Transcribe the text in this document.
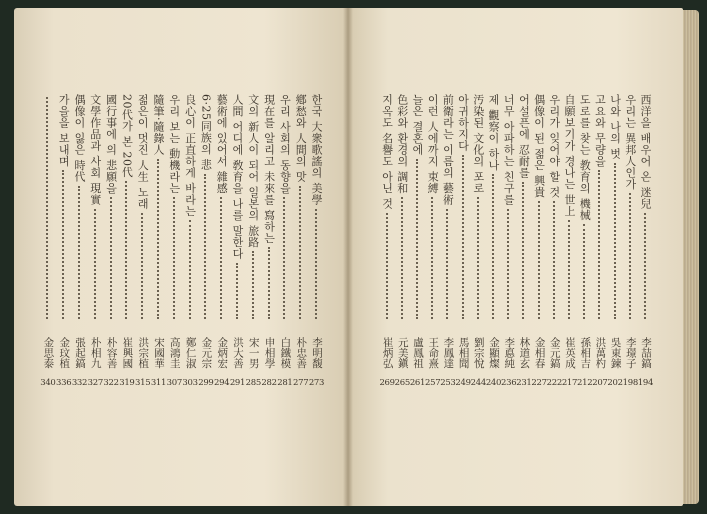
한국 大衆歌謠의 美學
李明馥
273
鄕愁와 人間의 맛
朴忠善
277
우리 사회의 동향을
白鐵模
281
現在를 알리고 未來를 寫하는
申相學
282
文의 新人이 되어 일본의 旅路
宋一男
285
人間 어디에 敎育을 나를 말한다
洪大善
291
藝術에 있어서 雜感
金炳宏
294
6·25同族의 悲
金元宗
299
良心이 正直하게 바라는
鄭仁淑
303
우리 보는 動機라는
高鴻圭
307
隨筆·隨錄人
宋國華
311
젊은이 멋진 人生 노래
洪宗植
315
20代가 본 20代
崔興國
319
國行事에 의 悲願을
朴容善
322
文學作品과 사회 現實
朴相九
327
偶像이 잃은 時代
張起鎬
332
가을을 보내며
金玟植
336
金思泰
340
西洋을 배우어 온 迷兒
李喆鎬
194
우리는 異邦人인가
李璟子
198
나와 나의 벗
吳東鍊
202
고요와 무량을
洪萬杓
207
도로를 찾는 教育의 機械
孫相吉
212
自願보기가 경나는 世上
崔英成
217
우리가 잊어야 할 것
金元鎬
222
偶像이 된 젊은 興貴
金相春
227
어설픈에 忍耐를
林道玄
231
너무 아파하는 친구를
李悳純
236
제 觀察이 하나
金顯燦
240
汚染된 文化의 포로
劉宗悅
244
아귀하지다
馬相聞
249
前衛라는 이름의 藝術
李鳳達
253
이런 人에까지 束縛
王命熹
257
늘은 결혼에
盧鳳祖
261
色彩와 환경의 調和
元美鎭
265
지옥도 名譽도 아닌 것
崔炳弘
269
